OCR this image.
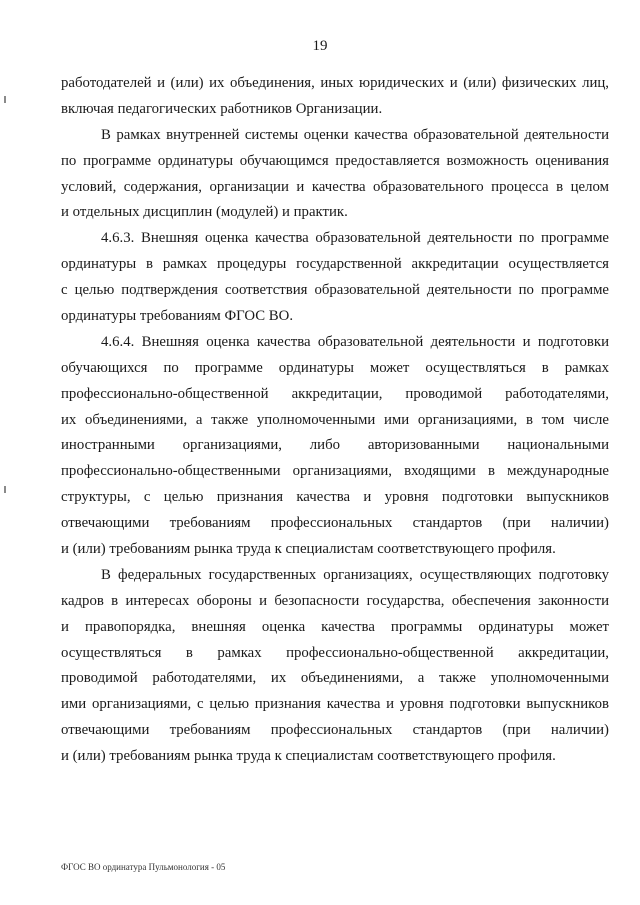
19
работодателей и (или) их объединения, иных юридических и (или) физических лиц,
включая педагогических работников Организации.
В рамках внутренней системы оценки качества образовательной деятельности
по программе ординатуры обучающимся предоставляется возможность оценивания
условий, содержания, организации и качества образовательного процесса в целом
и отдельных дисциплин (модулей) и практик.
4.6.3. Внешняя оценка качества образовательной деятельности по программе
ординатуры в рамках процедуры государственной аккредитации осуществляется
с целью подтверждения соответствия образовательной деятельности по программе
ординатуры требованиям ФГОС ВО.
4.6.4. Внешняя оценка качества образовательной деятельности и подготовки
обучающихся по программе ординатуры может осуществляться в рамках
профессионально-общественной аккредитации, проводимой работодателями,
их объединениями, а также уполномоченными ими организациями, в том числе
иностранными организациями, либо авторизованными национальными
профессионально-общественными организациями, входящими в международные
структуры, с целью признания качества и уровня подготовки выпускников
отвечающими требованиям профессиональных стандартов (при наличии)
и (или) требованиям рынка труда к специалистам соответствующего профиля.
В федеральных государственных организациях, осуществляющих подготовку
кадров в интересах обороны и безопасности государства, обеспечения законности
и правопорядка, внешняя оценка качества программы ординатуры может
осуществляться в рамках профессионально-общественной аккредитации,
проводимой работодателями, их объединениями, а также уполномоченными
ими организациями, с целью признания качества и уровня подготовки выпускников
отвечающими требованиям профессиональных стандартов (при наличии)
и (или) требованиям рынка труда к специалистам соответствующего профиля.
ФГОС ВО ординатура Пульмонология - 05
